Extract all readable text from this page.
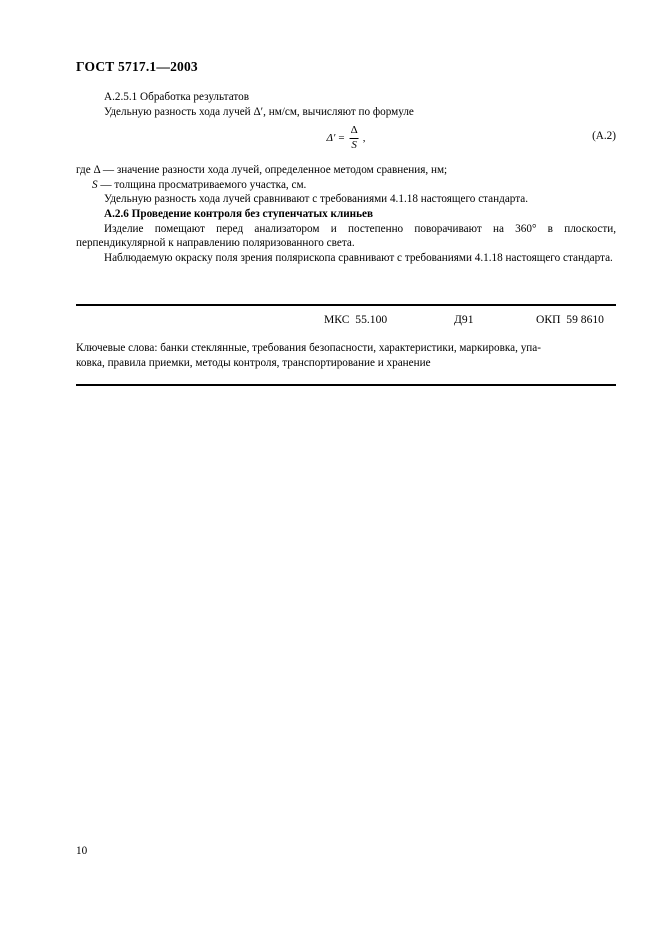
ГОСТ 5717.1—2003

A.2.5.1 Обработка результатов

Удельную разность хода лучей Δ′, нм/см, вычисляют по формуле

$\Delta' = \frac{\Delta}{S}$ ,	(А.2)

где Δ — значение разности хода лучей, определенное методом сравнения, нм;

S — толщина просматриваемого участка, см.

Удельную разность хода лучей сравнивают с требованиями 4.1.18 настоящего стандарта.

A.2.6 Проведение контроля без ступенчатых клиньев

Изделие помещают перед анализатором и постепенно поворачивают на 360° в плоскости, перпендикулярной к направлению поляризованного света.

Наблюдаемую окраску поля зрения полярископа сравнивают с требованиями 4.1.18 настоящего стандарта.

МКС  55.100	Д91	ОКП  59 8610

Ключевые слова: банки стеклянные, требования безопасности, характеристики, маркировка, упа-

ковка, правила приемки, методы контроля, транспортирование и хранение

10
